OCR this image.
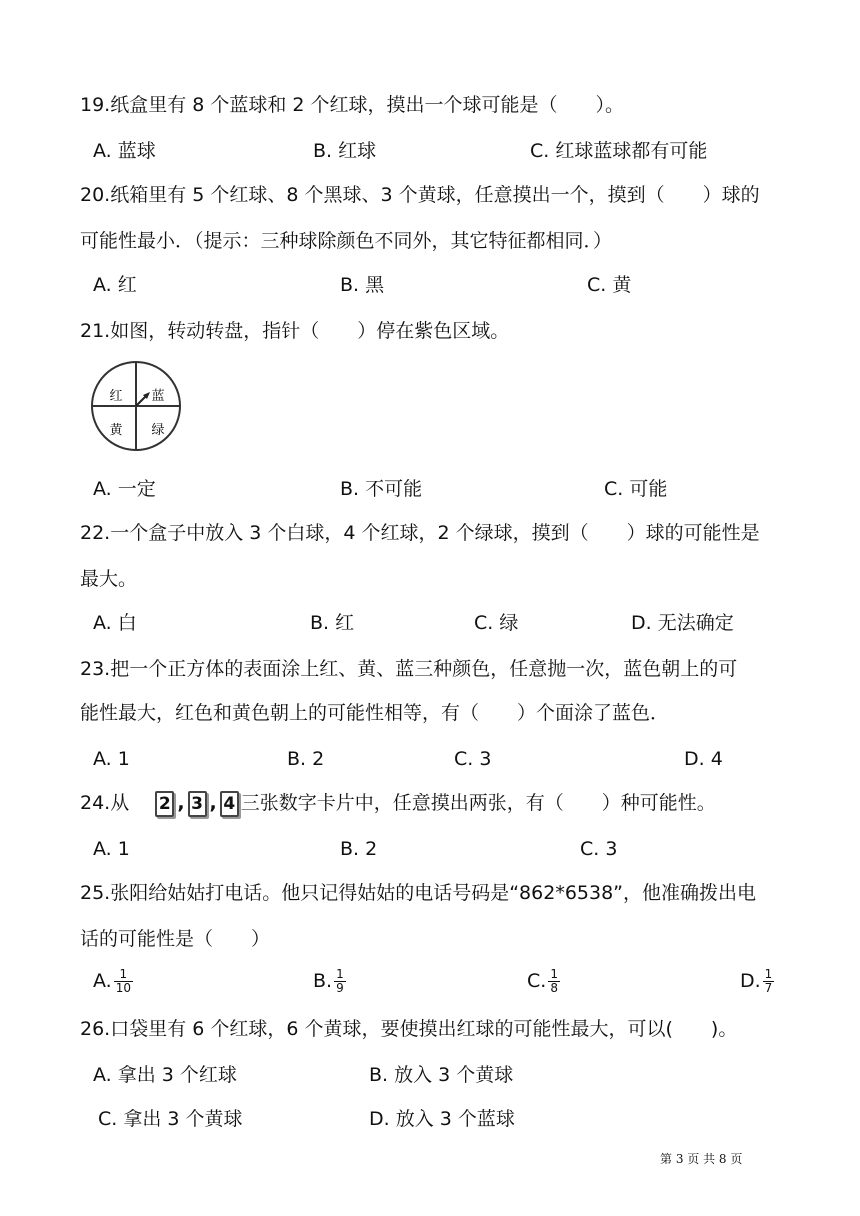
19.纸盒里有 8 个蓝球和 2 个红球，摸出一个球可能是（　　）。
A. 蓝球	B. 红球	C. 红球蓝球都有可能
20.纸箱里有 5 个红球、8 个黑球、3 个黄球，任意摸出一个，摸到（　　）球的
可能性最小．（提示：三种球除颜色不同外，其它特征都相同．）
A. 红	B. 黑	C. 黄
21.如图，转动转盘，指针（　　）停在紫色区域。
红 蓝
黄 绿
A. 一定	B. 不可能	C. 可能
22.一个盒子中放入 3 个白球，4 个红球，2 个绿球，摸到（　　）球的可能性是
最大。
A. 白	B. 红	C. 绿	D. 无法确定
23.把一个正方体的表面涂上红、黄、蓝三种颜色，任意抛一次，蓝色朝上的可
能性最大，红色和黄色朝上的可能性相等，有（　　）个面涂了蓝色．
A. 1	B. 2	C. 3	D. 4
24.从 2 , 3 , 4 三张数字卡片中，任意摸出两张，有（　　）种可能性。
A. 1	B. 2	C. 3
25.张阳给姑姑打电话。他只记得姑姑的电话号码是“862*6538”，他准确拨出电
话的可能性是（　　）
A. $\frac{1}{10}$	B. $\frac{1}{9}$	C. $\frac{1}{8}$	D. $\frac{1}{7}$
26.口袋里有 6 个红球，6 个黄球，要使摸出红球的可能性最大，可以(　　)。
A. 拿出 3 个红球	B. 放入 3 个黄球
C. 拿出 3 个黄球	D. 放入 3 个蓝球
第 3 页 共 8 页
